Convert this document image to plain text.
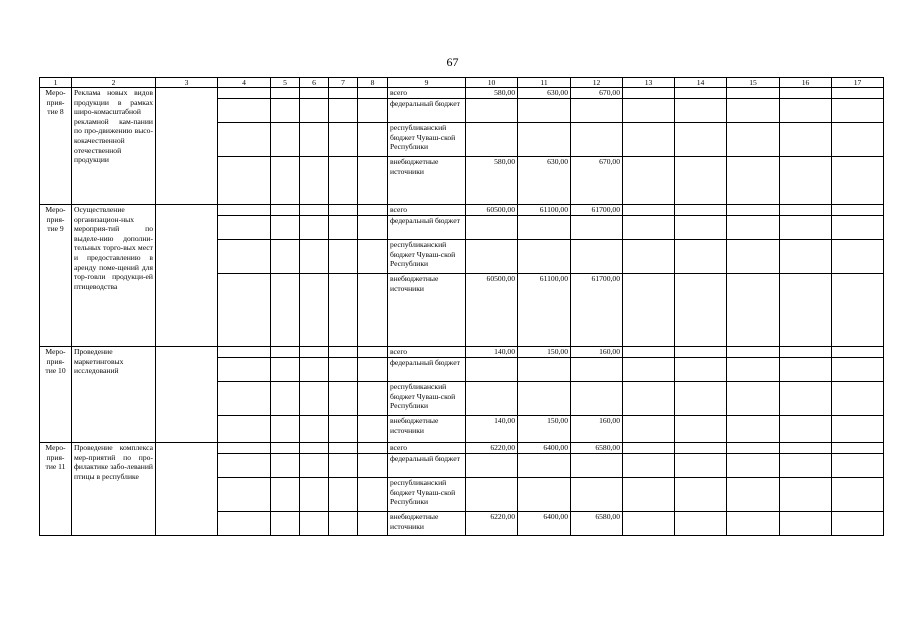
67
1	2	3	4	5	6	7	8	9	10	11	12	13	14	15	16	17
Меро-
прия-
тие 8	Реклама новых видов продукции в рамках широ-комасштабной рекламной кам-пании по про-движению высо-кокачественной отечественной продукции							всего	580,00	630,00	670,00					
								федеральный бюджет								
								республиканский бюджет Чуваш-ской Республики								
								внебюджетные источники	580,00	630,00	670,00					
Меро-
прия-
тие 9	Осуществление организацион-ных мероприя-тий по выделе-нию дополни-тельных торго-вых мест и предоставлению в аренду поме-щений для тор-говли продукци-ей птицеводства							всего	60500,00	61100,00	61700,00					
								федеральный бюджет								
								республиканский бюджет Чуваш-ской Республики								
								внебюджетные источники	60500,00	61100,00	61700,00					
Меро-
прия-
тие 10	Проведение маркетинговых исследований							всего	140,00	150,00	160,00					
								федеральный бюджет								
								республиканский бюджет Чуваш-ской Республики								
								внебюджетные источники	140,00	150,00	160,00					
Меро-
прия-
тие 11	Проведение комплекса мер-приятий по про-филактике забо-леваний птицы в республике							всего	6220,00	6400,00	6580,00					
								федеральный бюджет								
								республиканский бюджет Чуваш-ской Республики								
								внебюджетные источники	6220,00	6400,00	6580,00					
